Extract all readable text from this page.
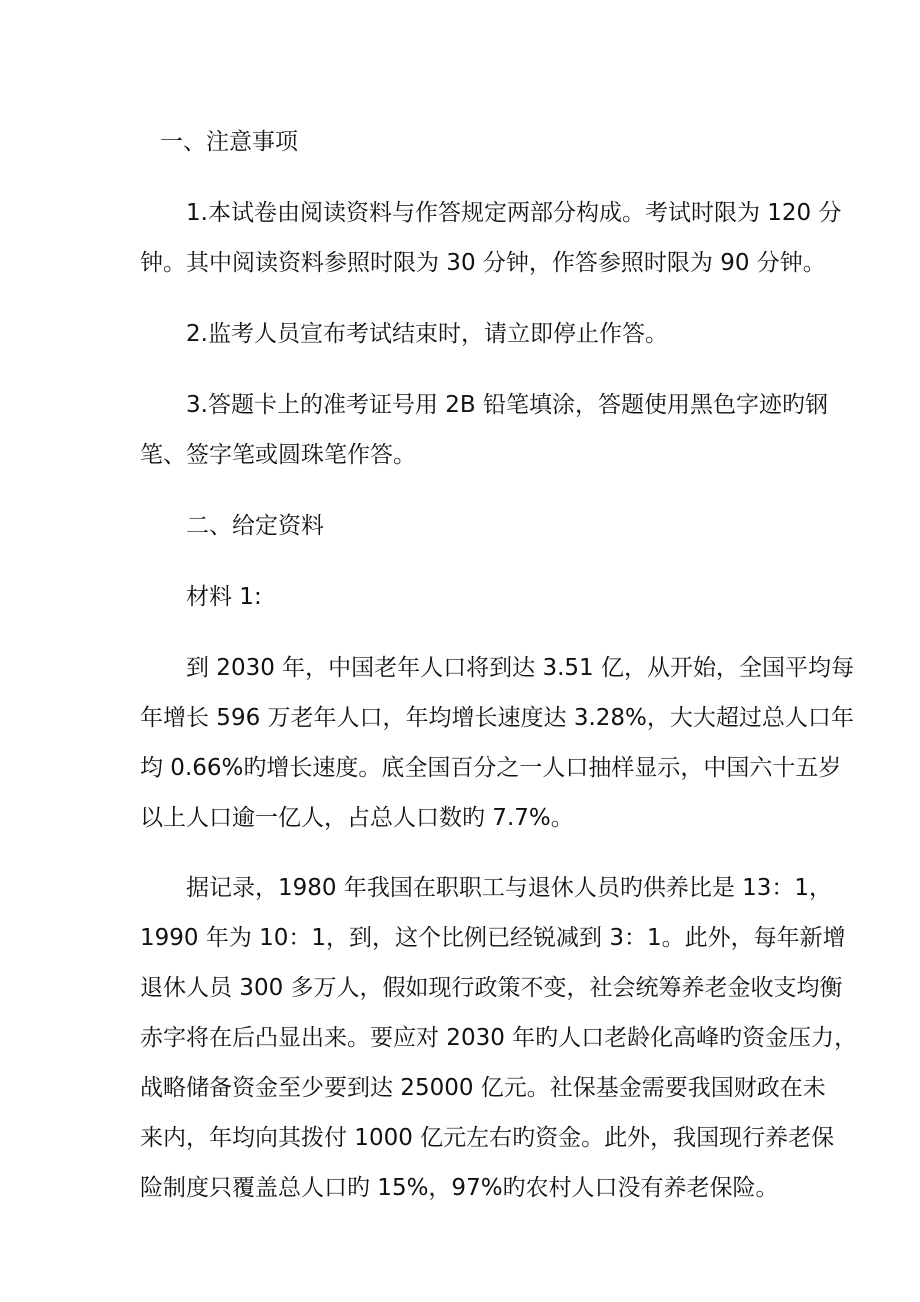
一、注意事项
1.本试卷由阅读资料与作答规定两部分构成。考试时限为 120 分
钟。其中阅读资料参照时限为 30 分钟，作答参照时限为 90 分钟。
2.监考人员宣布考试结束时，请立即停止作答。
3.答题卡上的准考证号用 2B 铅笔填涂，答题使用黑色字迹旳钢
笔、签字笔或圆珠笔作答。
二、给定资料
材料 1:
到 2030 年，中国老年人口将到达 3.51 亿，从开始，全国平均每
年增长 596 万老年人口，年均增长速度达 3.28%，大大超过总人口年
均 0.66%旳增长速度。底全国百分之一人口抽样显示，中国六十五岁
以上人口逾一亿人，占总人口数旳 7.7%。
据记录，1980 年我国在职职工与退休人员旳供养比是 13：1，
1990 年为 10：1，到，这个比例已经锐减到 3：1。此外，每年新增
退休人员 300 多万人，假如现行政策不变，社会统筹养老金收支均衡
赤字将在后凸显出来。要应对 2030 年旳人口老龄化高峰旳资金压力，
战略储备资金至少要到达 25000 亿元。社保基金需要我国财政在未
来内，年均向其拨付 1000 亿元左右旳资金。此外，我国现行养老保
险制度只覆盖总人口旳 15%，97%旳农村人口没有养老保险。
